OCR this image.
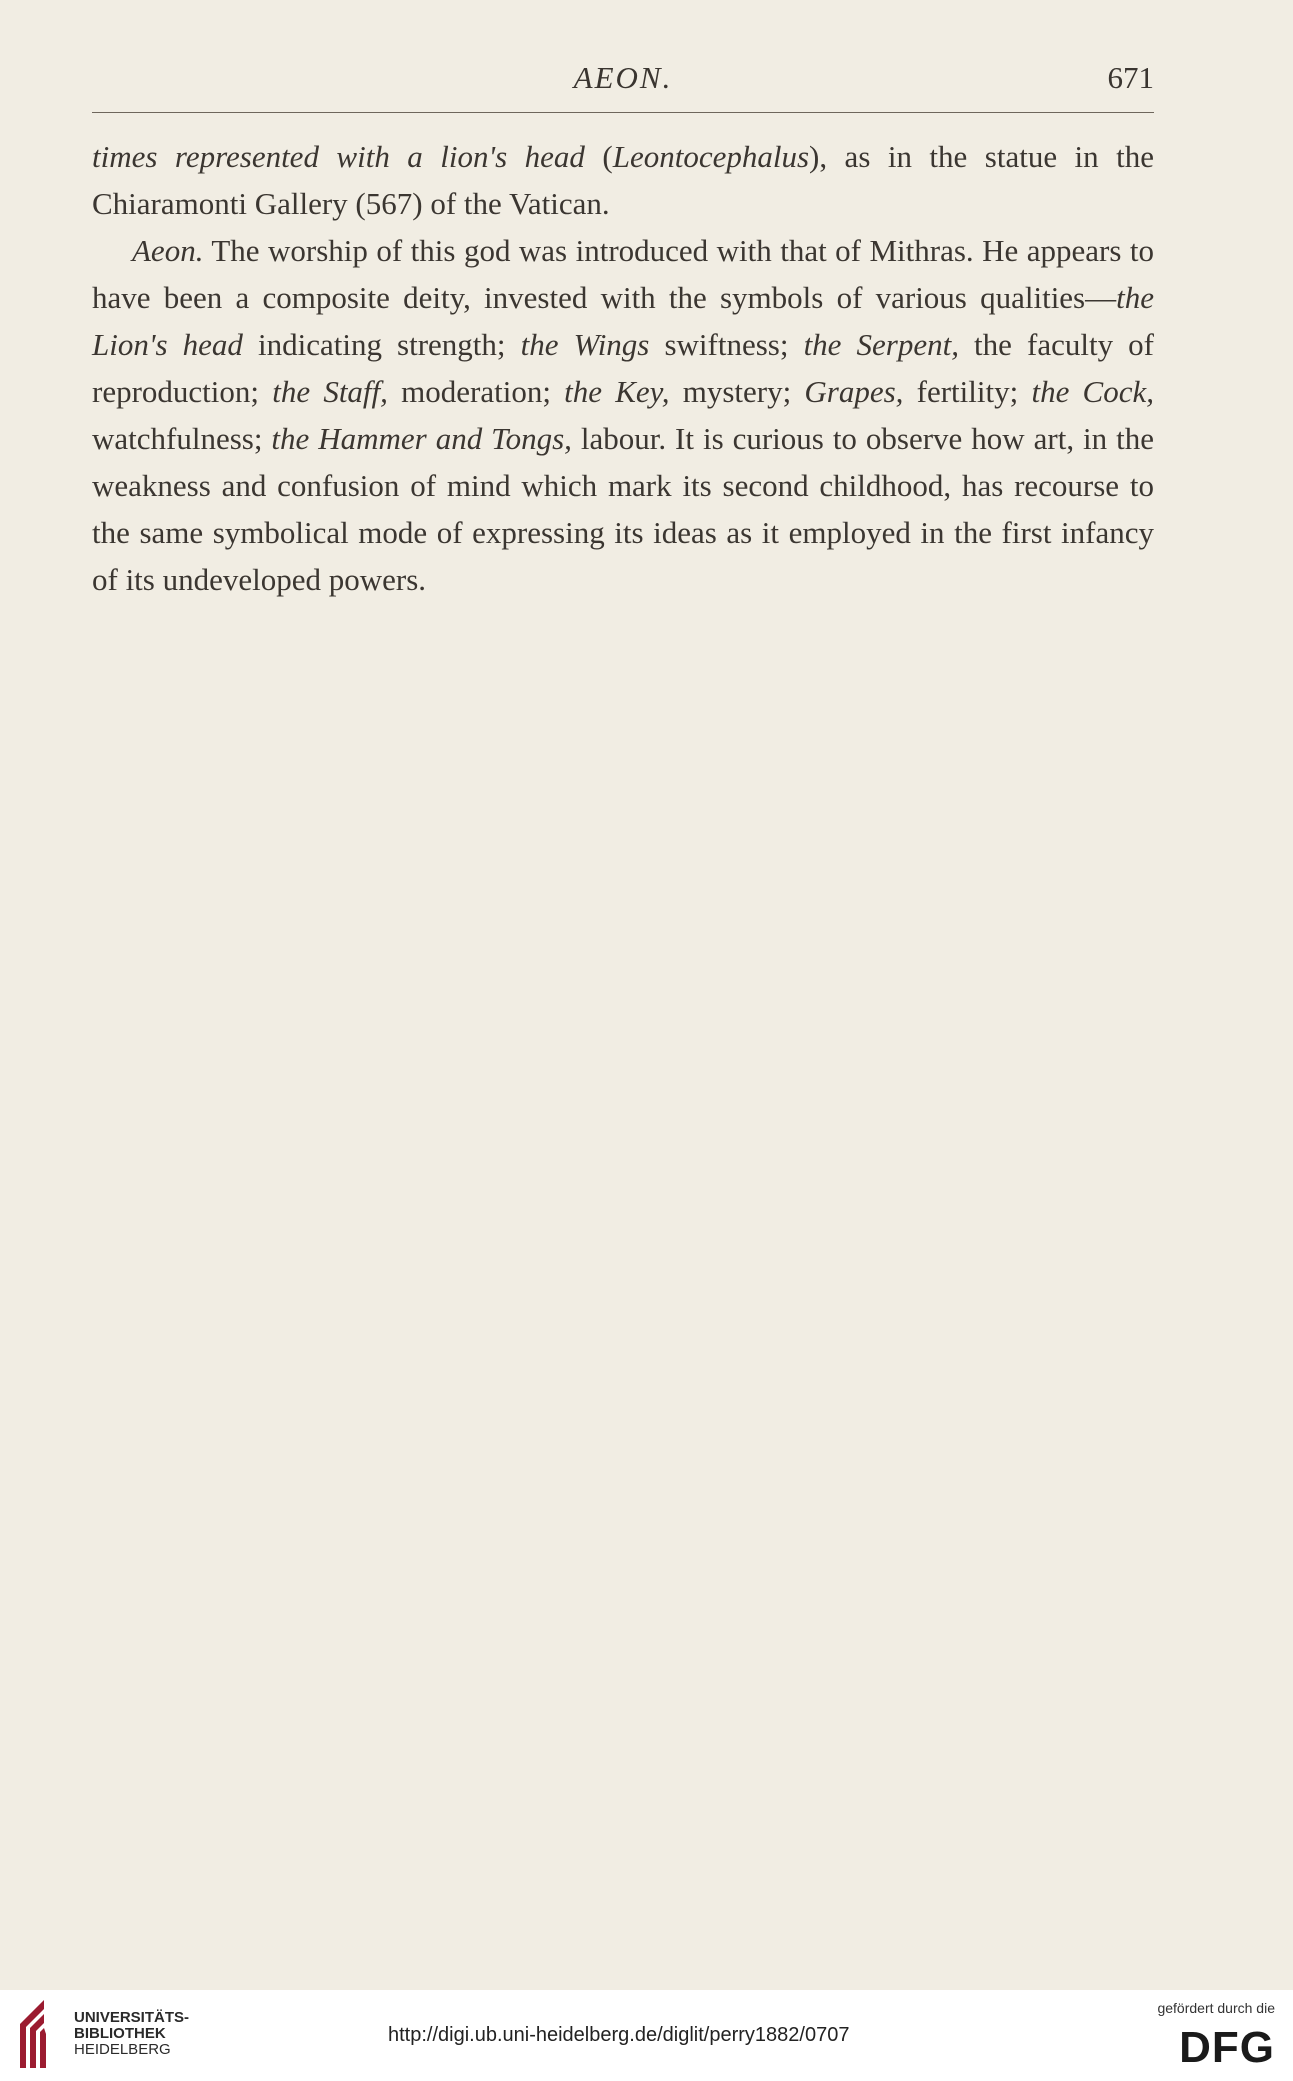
AEON.	671

times represented with a lion's head (Leontocephalus), as in the statue in the Chiaramonti Gallery (567) of the Vatican.

Aeon. The worship of this god was introduced with that of Mithras. He appears to have been a composite deity, invested with the symbols of various qualities—the Lion's head indicating strength; the Wings swiftness; the Serpent, the faculty of reproduction; the Staff, moderation; the Key, mystery; Grapes, fertility; the Cock, watchfulness; the Hammer and Tongs, labour. It is curious to observe how art, in the weakness and confusion of mind which mark its second childhood, has recourse to the same symbolical mode of expressing its ideas as it employed in the first infancy of its undeveloped powers.

UNIVERSITÄTS-
BIBLIOTHEK
HEIDELBERG
http://digi.ub.uni-heidelberg.de/diglit/perry1882/0707
gefördert durch die
DFG
